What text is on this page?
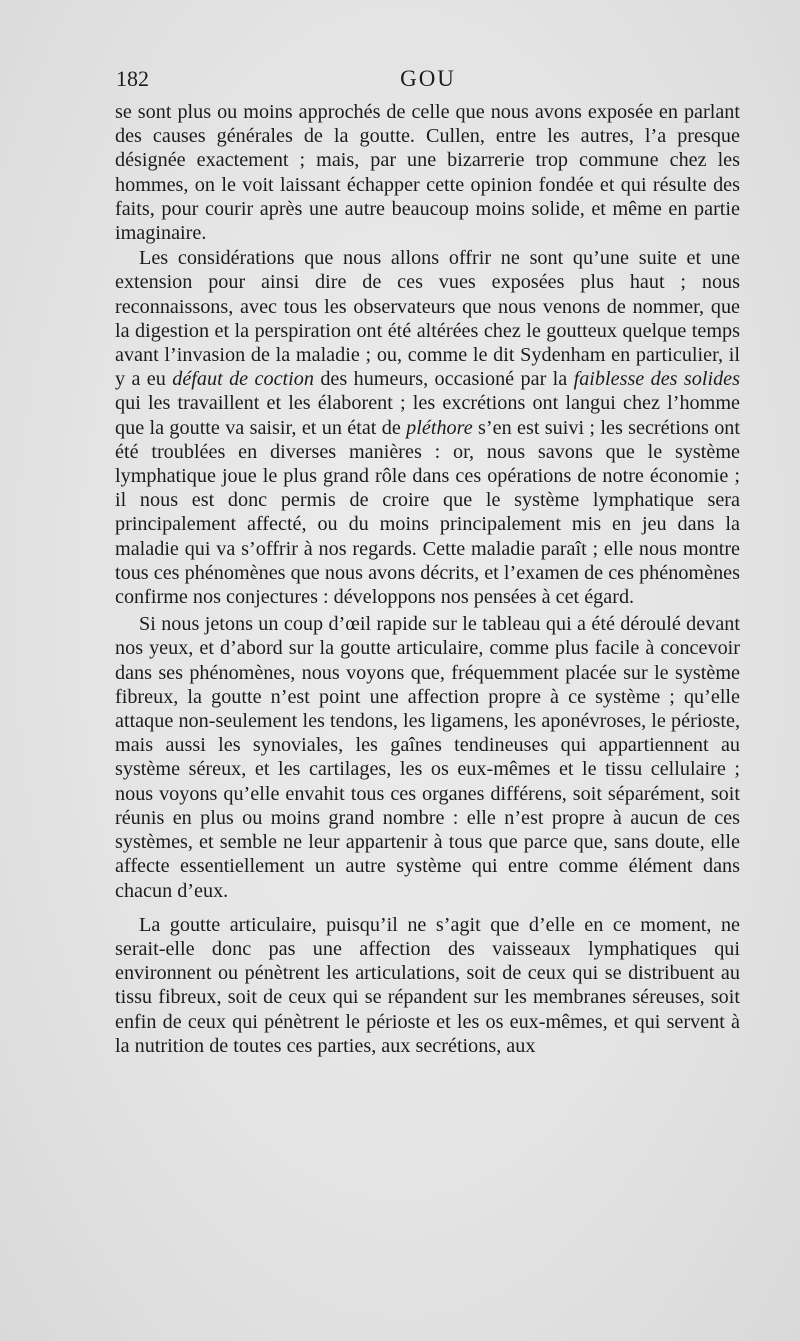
182	GOU

se sont plus ou moins approchés de celle que nous avons exposée en parlant des causes générales de la goutte. Cullen, entre les autres, l’a presque désignée exactement ; mais, par une bizarrerie trop commune chez les hommes, on le voit laissant échapper cette opinion fondée et qui résulte des faits, pour courir après une autre beaucoup moins solide, et même en partie imaginaire.

Les considérations que nous allons offrir ne sont qu’une suite et une extension pour ainsi dire de ces vues exposées plus haut ; nous reconnaissons, avec tous les observateurs que nous venons de nommer, que la digestion et la perspiration ont été altérées chez le goutteux quelque temps avant l’invasion de la maladie ; ou, comme le dit Sydenham en particulier, il y a eu défaut de coction des humeurs, occasioné par la faiblesse des solides qui les travaillent et les élaborent ; les excrétions ont langui chez l’homme que la goutte va saisir, et un état de pléthore s’en est suivi ; les secrétions ont été troublées en diverses manières : or, nous savons que le système lymphatique joue le plus grand rôle dans ces opérations de notre économie ; il nous est donc permis de croire que le système lymphatique sera principalement affecté, ou du moins principalement mis en jeu dans la maladie qui va s’offrir à nos regards. Cette maladie paraît ; elle nous montre tous ces phénomènes que nous avons décrits, et l’examen de ces phénomènes confirme nos conjectures : développons nos pensées à cet égard.

Si nous jetons un coup d’œil rapide sur le tableau qui a été déroulé devant nos yeux, et d’abord sur la goutte articulaire, comme plus facile à concevoir dans ses phénomènes, nous voyons que, fréquemment placée sur le système fibreux, la goutte n’est point une affection propre à ce système ; qu’elle attaque non-seulement les tendons, les ligamens, les aponévroses, le périoste, mais aussi les synoviales, les gaînes tendineuses qui appartiennent au système séreux, et les cartilages, les os eux-mêmes et le tissu cellulaire ; nous voyons qu’elle envahit tous ces organes différens, soit séparément, soit réunis en plus ou moins grand nombre : elle n’est propre à aucun de ces systèmes, et semble ne leur appartenir à tous que parce que, sans doute, elle affecte essentiellement un autre système qui entre comme élément dans chacun d’eux.

La goutte articulaire, puisqu’il ne s’agit que d’elle en ce moment, ne serait-elle donc pas une affection des vaisseaux lymphatiques qui environnent ou pénètrent les articulations, soit de ceux qui se distribuent au tissu fibreux, soit de ceux qui se répandent sur les membranes séreuses, soit enfin de ceux qui pénètrent le périoste et les os eux-mêmes, et qui servent à la nutrition de toutes ces parties, aux secrétions, aux
